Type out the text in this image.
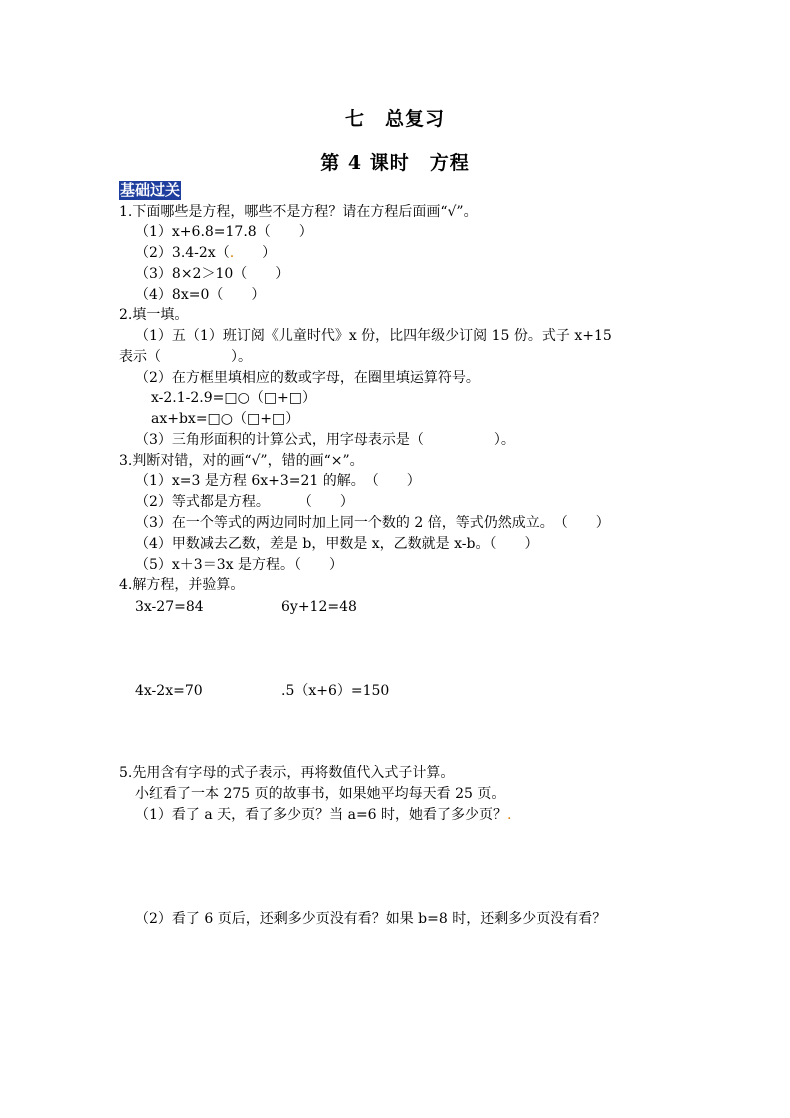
七　总复习
第 4 课时　方程
基础过关
1.下面哪些是方程，哪些不是方程？请在方程后面画“√”。
（1）x+6.8=17.8（　　）
（2）3.4-2x（.　　）
（3）8×2＞10（　　）
（4）8x=0（　　）
2.填一填。
（1）五（1）班订阅《儿童时代》x 份，比四年级少订阅 15 份。式子 x+15
表示（　　　　　）。
（2）在方框里填相应的数或字母，在圈里填运算符号。
x-2.1-2.9=□○（□+□）
ax+bx=□○（□+□）
（3）三角形面积的计算公式，用字母表示是（　　　　　）。
3.判断对错，对的画“√”，错的画“×”。
（1）x=3 是方程 6x+3=21 的解。　（　　）
（2）等式都是方程。　　　（　　）
（3）在一个等式的两边同时加上同一个数的 2 倍，等式仍然成立。　（　　）
（4）甲数减去乙数，差是 b，甲数是 x，乙数就是 x-b。（　　）
（5）x＋3＝3x 是方程。（　　）
4.解方程，并验算。
3x-27=84	6y+12=48
4x-2x=70	.5（x+6）=150
5.先用含有字母的式子表示，再将数值代入式子计算。
小红看了一本 275 页的故事书，如果她平均每天看 25 页。
（1）看了 a 天，看了多少页？当 a=6 时，她看了多少页？.
（2）看了 6 页后，还剩多少页没有看？如果 b=8 时，还剩多少页没有看？
